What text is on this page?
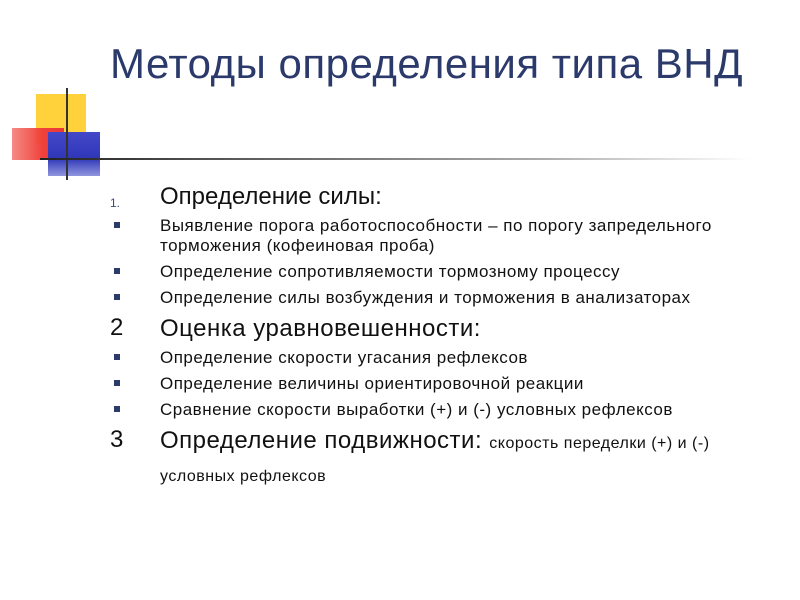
Методы определения типа ВНД
1. Определение силы:
Выявление порога работоспособности – по порогу запредельного торможения (кофеиновая проба)
Определение сопротивляемости тормозному процессу
Определение силы возбуждения и торможения в анализаторах
2 Оценка уравновешенности:
Определение скорости угасания рефлексов
Определение величины ориентировочной реакции
Сравнение скорости выработки (+) и (-) условных рефлексов
3 Определение подвижности: скорость переделки (+) и (-) условных рефлексов
